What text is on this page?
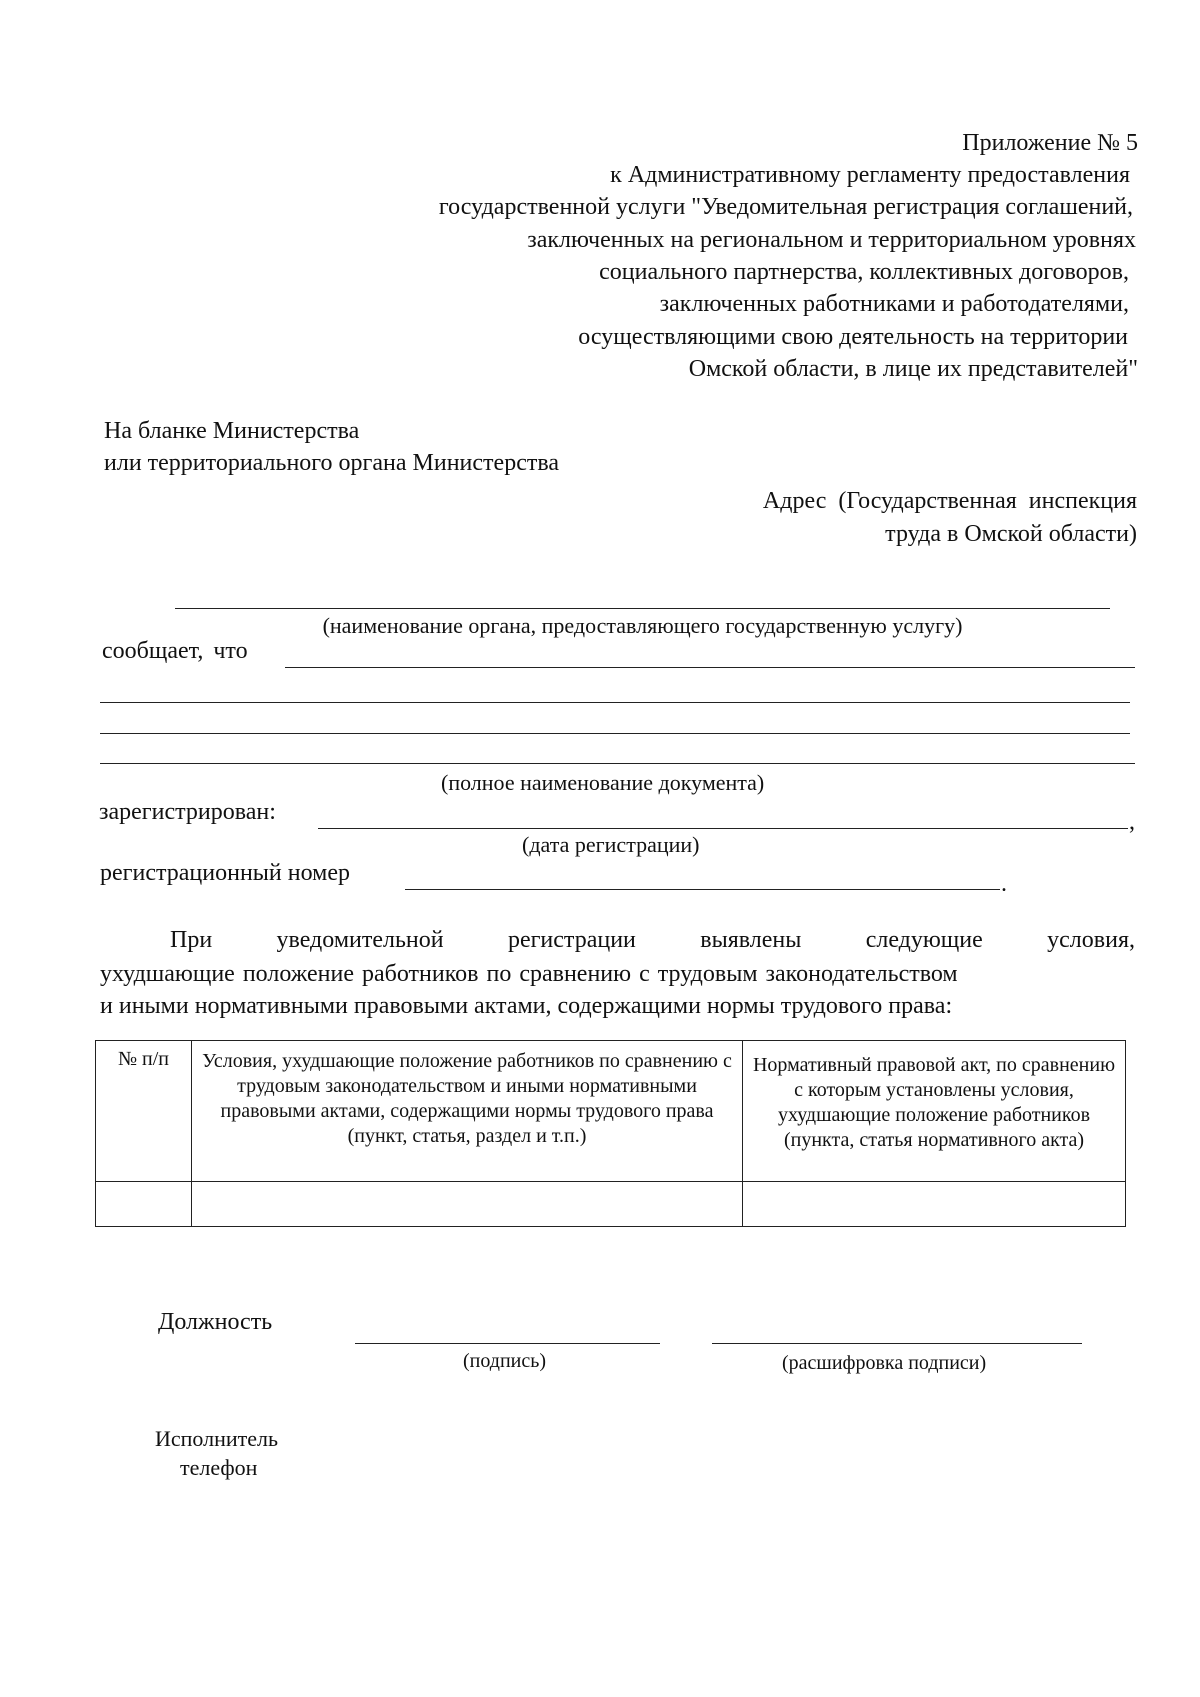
Приложение № 5
к Административному регламенту предоставления
государственной услуги "Уведомительная регистрация соглашений,
заключенных на региональном и территориальном уровнях
социального партнерства, коллективных договоров,
заключенных работниками и работодателями,
осуществляющими свою деятельность на территории
Омской области, в лице их представителей"
На бланке Министерства
или территориального органа Министерства
Адрес (Государственная инспекция
труда в Омской области)
(наименование органа, предоставляющего государственную услугу)
сообщает, что
(полное наименование документа)
зарегистрирован:	,
(дата регистрации)
регистрационный номер	.
При	уведомительной	регистрации	выявлены	следующие	условия,
ухудшающие положение работников по сравнению с трудовым законодательством
и иными нормативными правовыми актами, содержащими нормы трудового права:
№ п/п	Условия, ухудшающие положение работников по сравнению с трудовым законодательством и иными нормативными правовыми актами, содержащими нормы трудового права (пункт, статья, раздел и т.п.)	Нормативный правовой акт, по сравнению с которым установлены условия, ухудшающие положение работников (пункта, статья нормативного акта)

Должность
(подпись)	(расшифровка подписи)
Исполнитель
телефон
